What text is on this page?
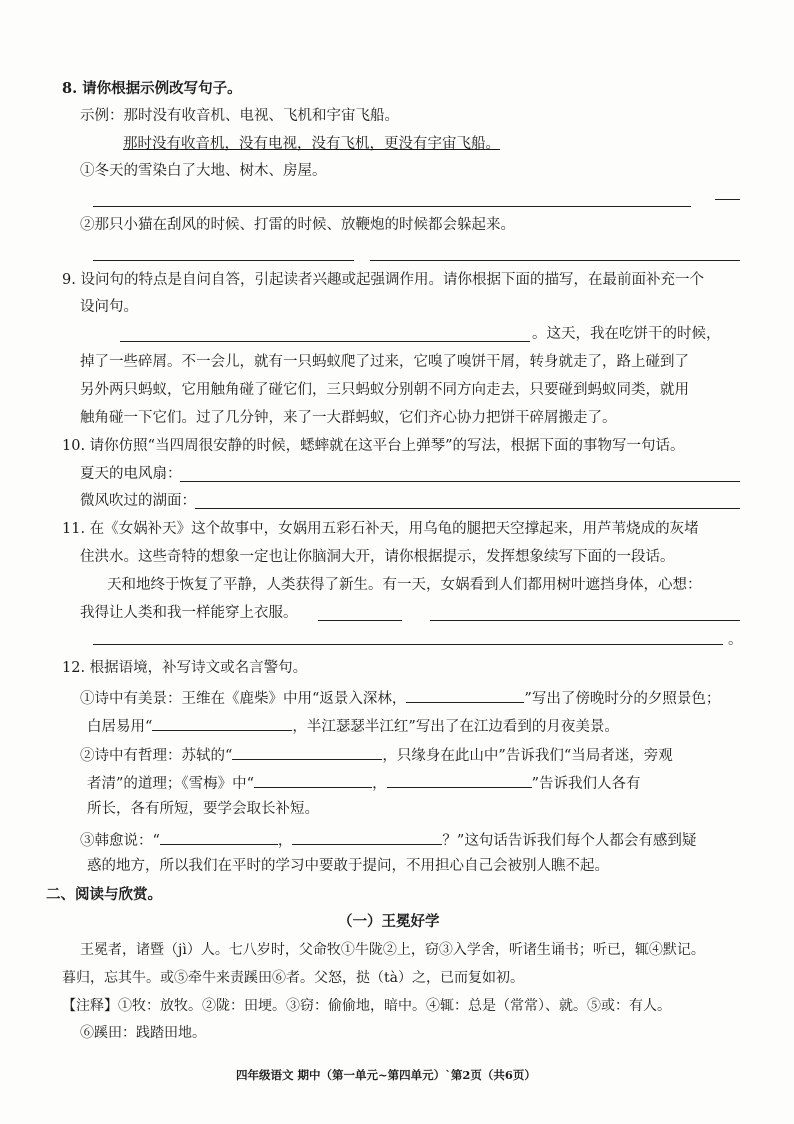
8. 请你根据示例改写句子。
示例：那时没有收音机、电视、飞机和宇宙飞船。
那时没有收音机，没有电视，没有飞机，更没有宇宙飞船。
①冬天的雪染白了大地、树木、房屋。
②那只小猫在刮风的时候、打雷的时候、放鞭炮的时候都会躲起来。
9. 设问句的特点是自问自答，引起读者兴趣或起强调作用。请你根据下面的描写，在最前面补充一个
设问句。
。这天，我在吃饼干的时候，
掉了一些碎屑。不一会儿，就有一只蚂蚁爬了过来，它嗅了嗅饼干屑，转身就走了，路上碰到了
另外两只蚂蚁，它用触角碰了碰它们，三只蚂蚁分别朝不同方向走去，只要碰到蚂蚁同类，就用
触角碰一下它们。过了几分钟，来了一大群蚂蚁，它们齐心协力把饼干碎屑搬走了。
10. 请你仿照“当四周很安静的时候，蟋蟀就在这平台上弹琴”的写法，根据下面的事物写一句话。
夏天的电风扇：
微风吹过的湖面：
11. 在《女娲补天》这个故事中，女娲用五彩石补天，用乌龟的腿把天空撑起来，用芦苇烧成的灰堵
住洪水。这些奇特的想象一定也让你脑洞大开，请你根据提示，发挥想象续写下面的一段话。
天和地终于恢复了平静，人类获得了新生。有一天，女娲看到人们都用树叶遮挡身体，心想：
我得让人类和我一样能穿上衣服。
。
12. 根据语境，补写诗文或名言警句。
①诗中有美景：王维在《鹿柴》中用“返景入深林，	”写出了傍晚时分的夕照景色；
白居易用“	，半江瑟瑟半江红”写出了在江边看到的月夜美景。
②诗中有哲理：苏轼的“	，只缘身在此山中”告诉我们“当局者迷，旁观
者清”的道理；《雪梅》中“	，	”告诉我们人各有
所长，各有所短，要学会取长补短。
③韩愈说：“	，	？”这句话告诉我们每个人都会有感到疑
惑的地方，所以我们在平时的学习中要敢于提问，不用担心自己会被别人瞧不起。
二、阅读与欣赏。
（一）王冕好学
王冕者，诸暨（jì）人。七八岁时，父命牧①牛陇②上，窃③入学舍，听诸生诵书；听已，辄④默记。
暮归，忘其牛。或⑤牵牛来责蹊田⑥者。父怒，挞（tà）之，已而复如初。
【注释】①牧：放牧。②陇：田埂。③窃：偷偷地，暗中。④辄：总是（常常）、就。⑤或：有人。
⑥蹊田：践踏田地。
四年级语文 期中（第一单元~第四单元）`第2页（共6页）
